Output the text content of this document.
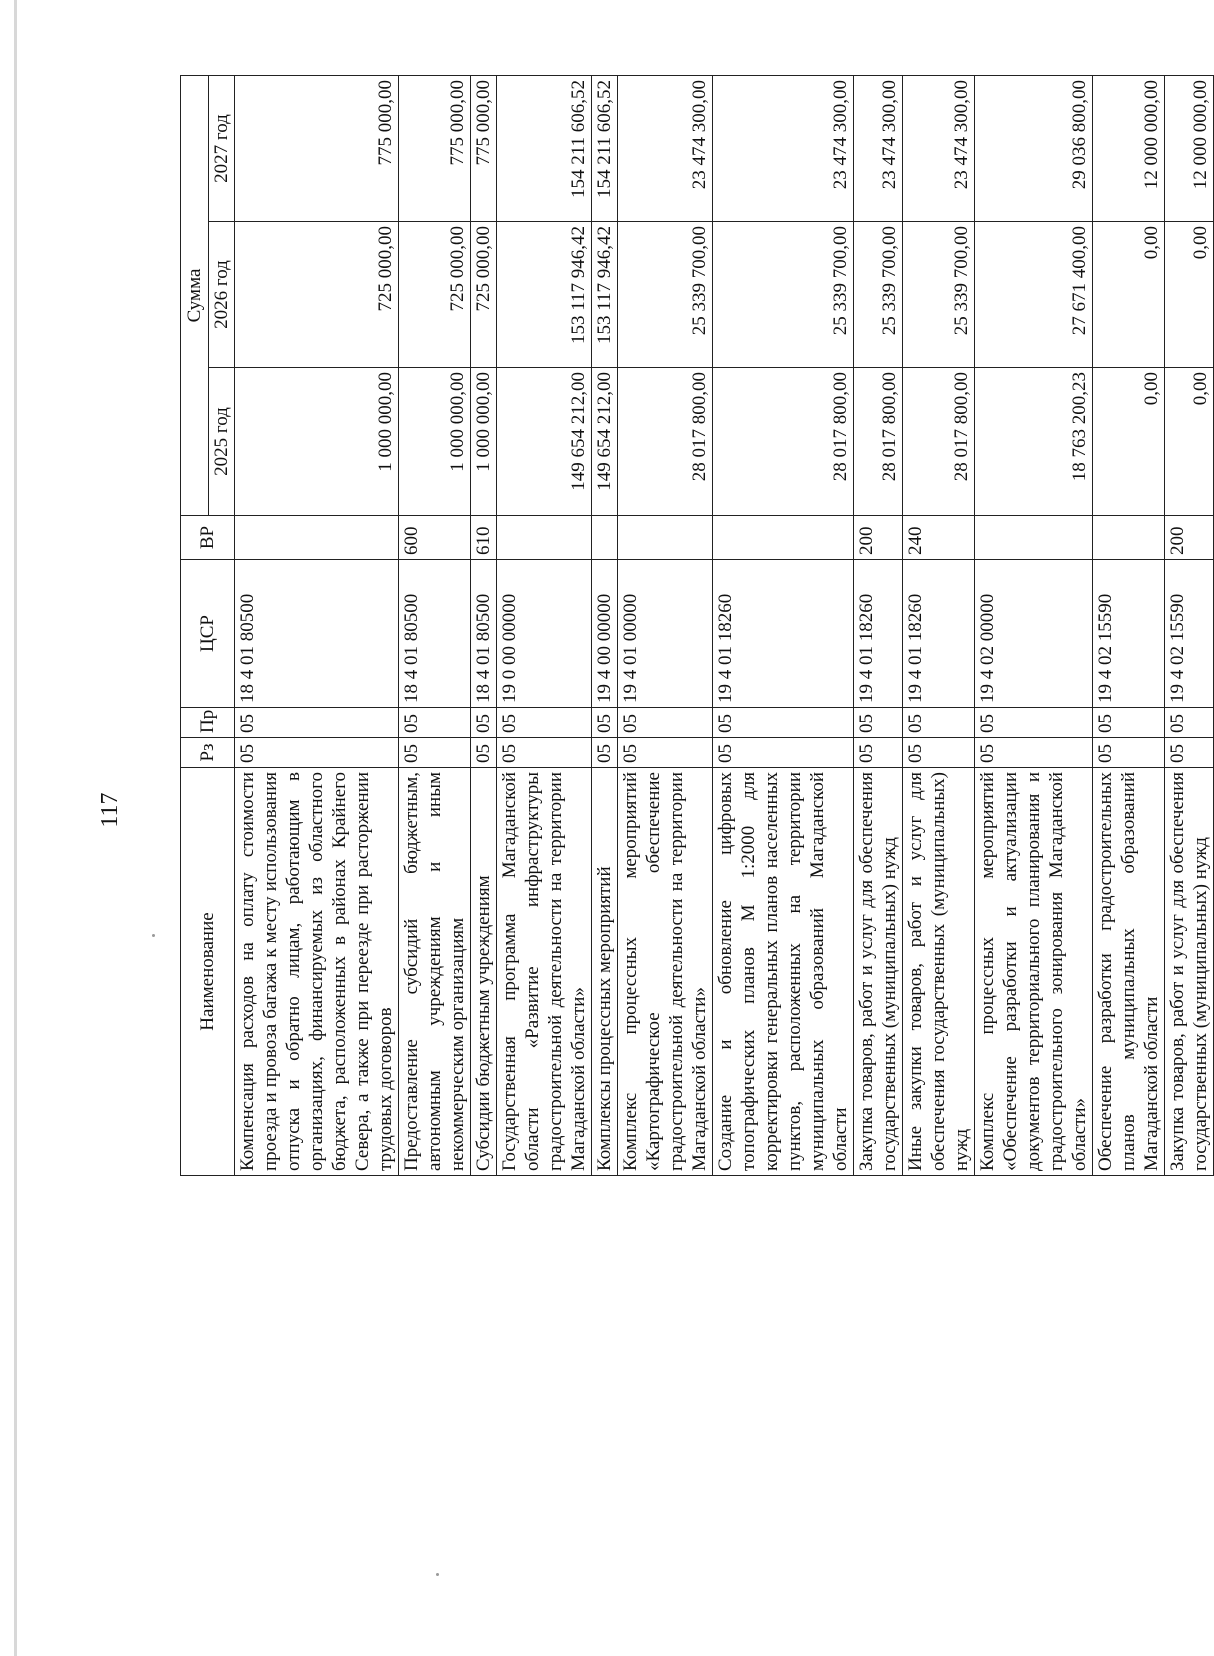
117
Наименование	Рз	Пр	ЦСР	ВР	Сумма		
					2025 год	2026 год	2027 год
Компенсация расходов на оплату стоимости проезда и провоза багажа к месту использования отпуска и обратно лицам, работающим в организациях, финансируемых из областного бюджета, расположенных в районах Крайнего Севера, а также при переезде при расторжении трудовых договоров	05	05	18 4 01 80500		1 000 000,00	725 000,00	775 000,00
Предоставление субсидий бюджетным, автономным учреждениям и иным некоммерческим организациям	05	05	18 4 01 80500	600	1 000 000,00	725 000,00	775 000,00
Субсидии бюджетным учреждениям	05	05	18 4 01 80500	610	1 000 000,00	725 000,00	775 000,00
Государственная программа Магаданской области «Развитие инфраструктуры градостроительной деятельности на территории Магаданской области»	05	05	19 0 00 00000		149 654 212,00	153 117 946,42	154 211 606,52
Комплексы процессных мероприятий	05	05	19 4 00 00000		149 654 212,00	153 117 946,42	154 211 606,52
Комплекс процессных мероприятий «Картографическое обеспечение градостроительной деятельности на территории Магаданской области»	05	05	19 4 01 00000		28 017 800,00	25 339 700,00	23 474 300,00
Создание и обновление цифровых топографических планов М 1:2000 для корректировки генеральных планов населенных пунктов, расположенных на территории муниципальных образований Магаданской области	05	05	19 4 01 18260		28 017 800,00	25 339 700,00	23 474 300,00
Закупка товаров, работ и услуг для обеспечения государственных (муниципальных) нужд	05	05	19 4 01 18260	200	28 017 800,00	25 339 700,00	23 474 300,00
Иные закупки товаров, работ и услуг для обеспечения государственных (муниципальных) нужд	05	05	19 4 01 18260	240	28 017 800,00	25 339 700,00	23 474 300,00
Комплекс процессных мероприятий «Обеспечение разработки и актуализации документов территориального планирования и градостроительного зонирования Магаданской области»	05	05	19 4 02 00000		18 763 200,23	27 671 400,00	29 036 800,00
Обеспечение разработки градостроительных планов муниципальных образований Магаданской области	05	05	19 4 02 15590		0,00	0,00	12 000 000,00
Закупка товаров, работ и услуг для обеспечения государственных (муниципальных) нужд	05	05	19 4 02 15590	200	0,00	0,00	12 000 000,00
